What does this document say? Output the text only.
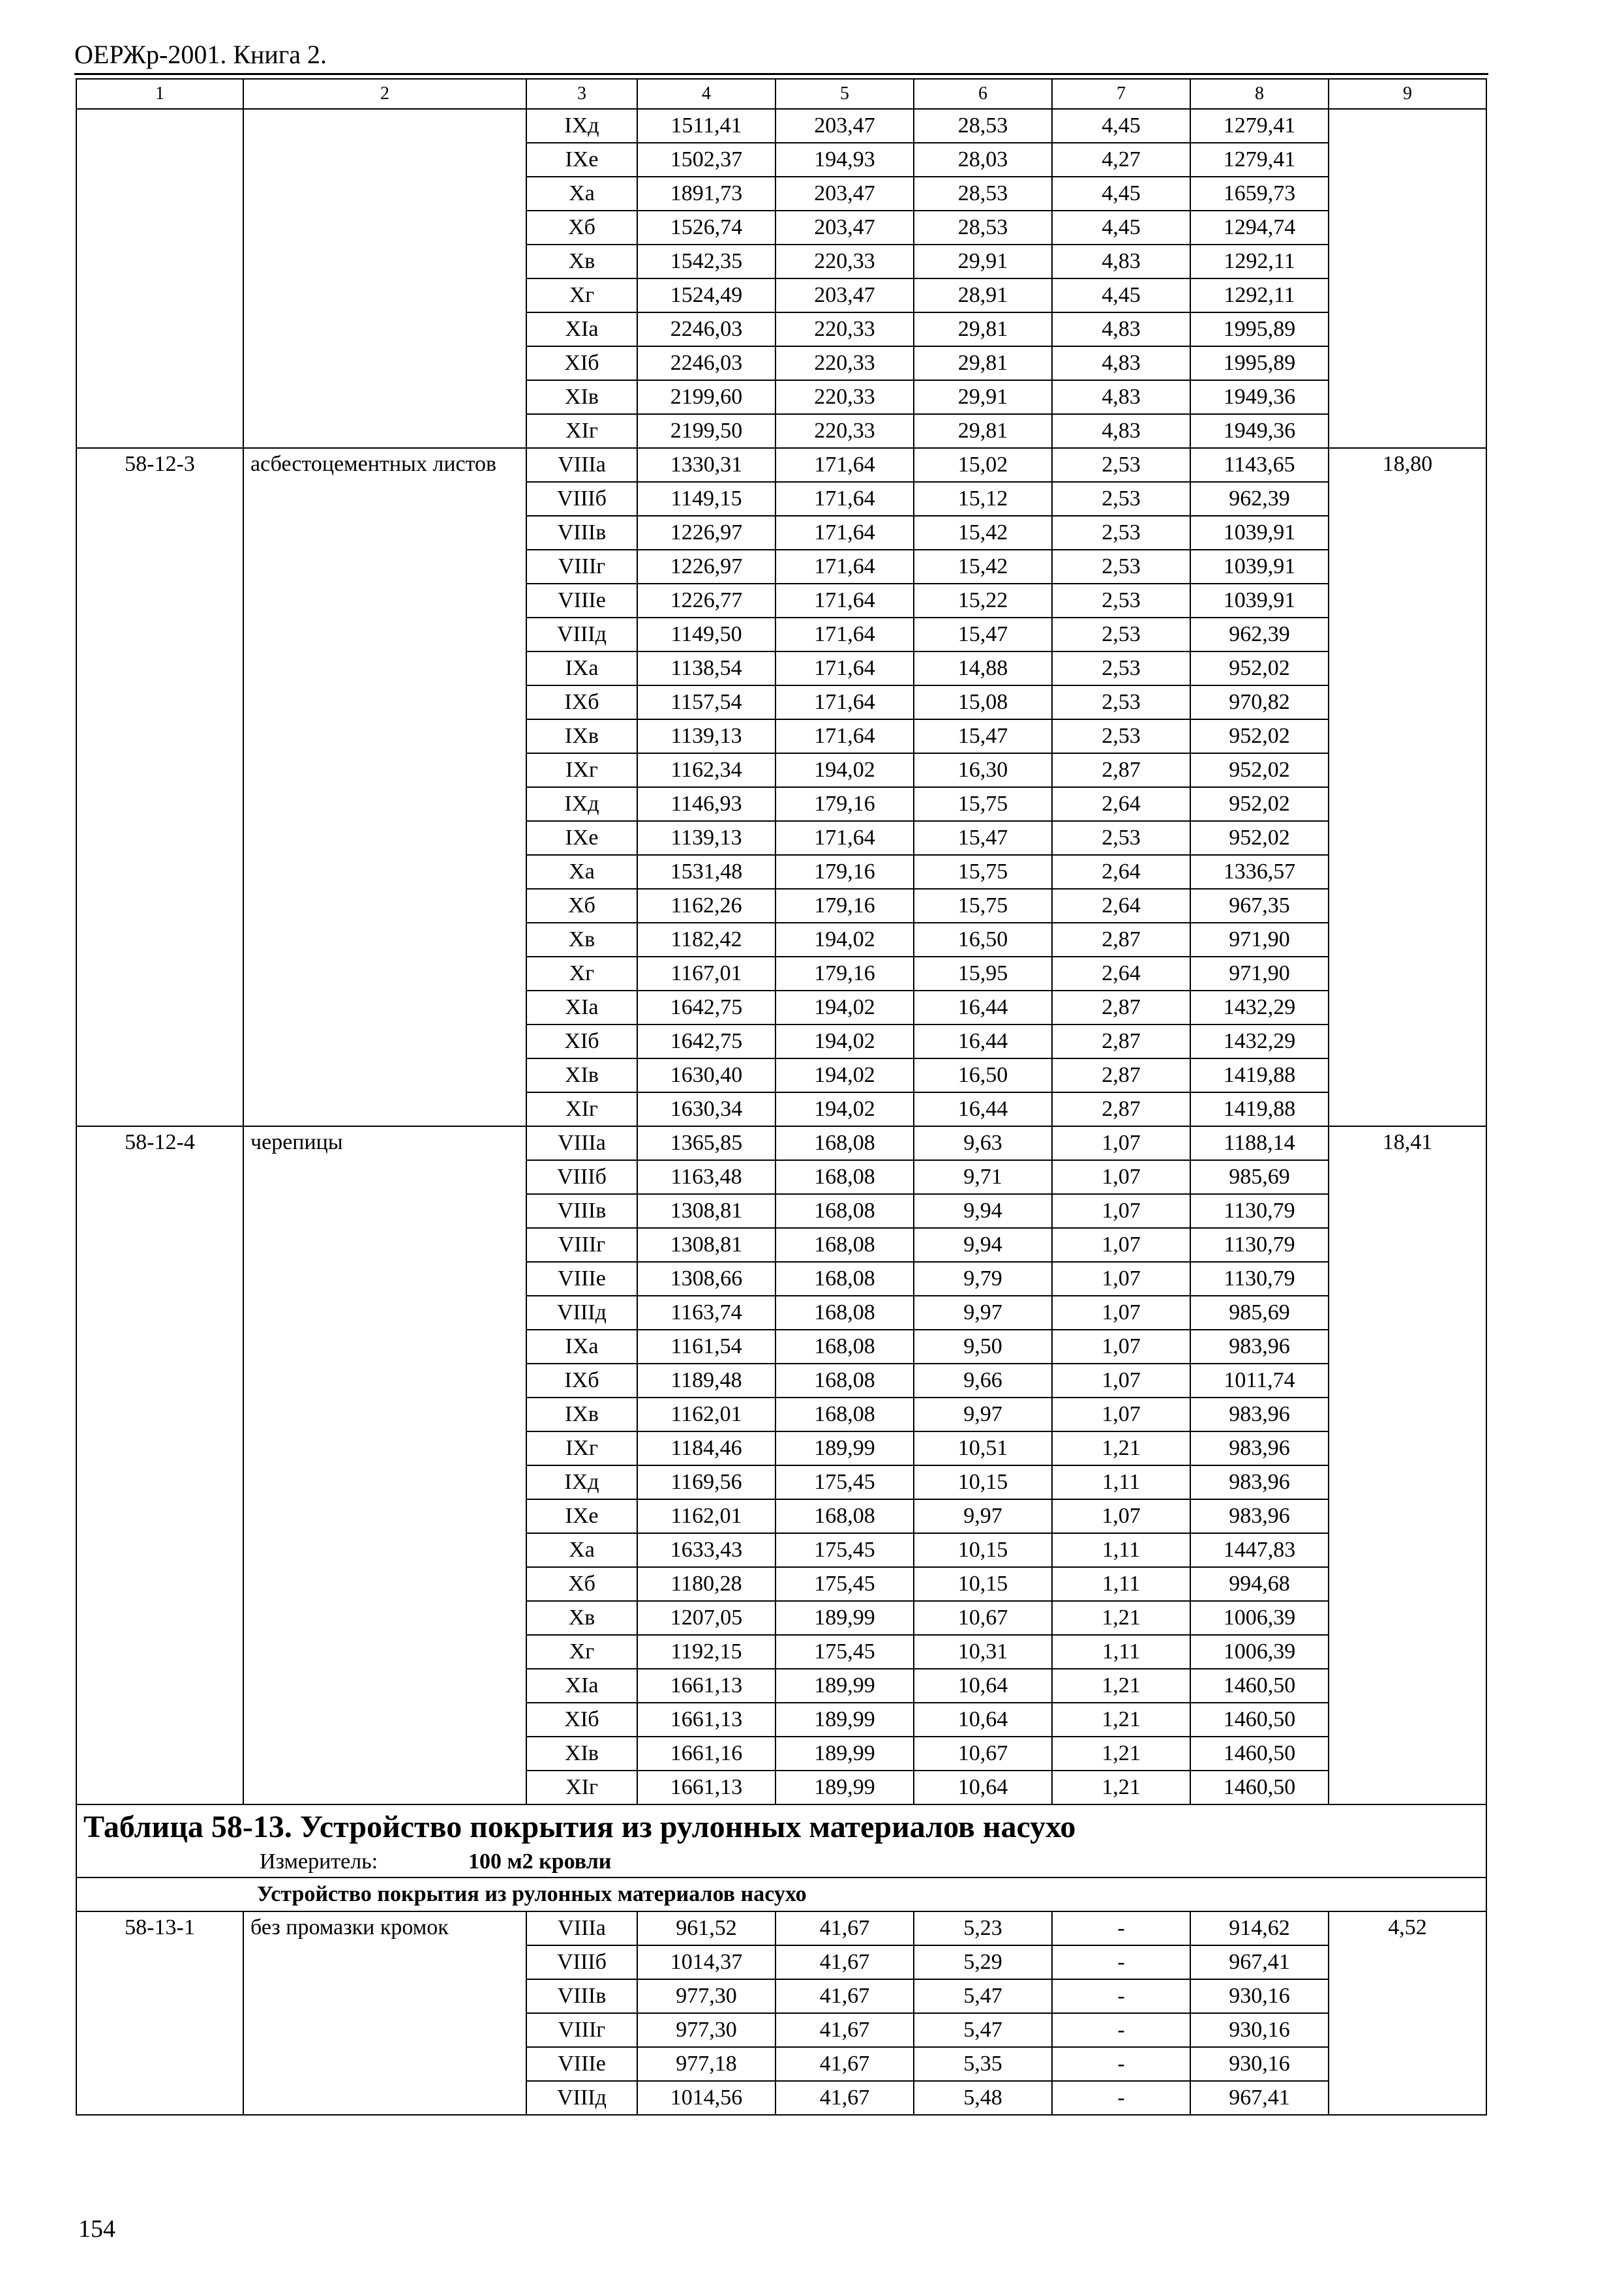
ОЕРЖр-2001. Книга 2.
1	2	3	4	5	6	7	8	9
		IXд	1511,41	203,47	28,53	4,45	1279,41	
		IXe	1502,37	194,93	28,03	4,27	1279,41	
		Xa	1891,73	203,47	28,53	4,45	1659,73	
		Xб	1526,74	203,47	28,53	4,45	1294,74	
		Xв	1542,35	220,33	29,91	4,83	1292,11	
		Xг	1524,49	203,47	28,91	4,45	1292,11	
		XIa	2246,03	220,33	29,81	4,83	1995,89	
		XIб	2246,03	220,33	29,81	4,83	1995,89	
		XIв	2199,60	220,33	29,91	4,83	1949,36	
		XIг	2199,50	220,33	29,81	4,83	1949,36	
58-12-3	асбестоцементных листов	VIIIa	1330,31	171,64	15,02	2,53	1143,65	18,80
		VIIIб	1149,15	171,64	15,12	2,53	962,39	
		VIIIв	1226,97	171,64	15,42	2,53	1039,91	
		VIIIг	1226,97	171,64	15,42	2,53	1039,91	
		VIIIe	1226,77	171,64	15,22	2,53	1039,91	
		VIIIд	1149,50	171,64	15,47	2,53	962,39	
		IXa	1138,54	171,64	14,88	2,53	952,02	
		IXб	1157,54	171,64	15,08	2,53	970,82	
		IXв	1139,13	171,64	15,47	2,53	952,02	
		IXг	1162,34	194,02	16,30	2,87	952,02	
		IXд	1146,93	179,16	15,75	2,64	952,02	
		IXe	1139,13	171,64	15,47	2,53	952,02	
		Xa	1531,48	179,16	15,75	2,64	1336,57	
		Xб	1162,26	179,16	15,75	2,64	967,35	
		Xв	1182,42	194,02	16,50	2,87	971,90	
		Xг	1167,01	179,16	15,95	2,64	971,90	
		XIa	1642,75	194,02	16,44	2,87	1432,29	
		XIб	1642,75	194,02	16,44	2,87	1432,29	
		XIв	1630,40	194,02	16,50	2,87	1419,88	
		XIг	1630,34	194,02	16,44	2,87	1419,88	
58-12-4	черепицы	VIIIa	1365,85	168,08	9,63	1,07	1188,14	18,41
		VIIIб	1163,48	168,08	9,71	1,07	985,69	
		VIIIв	1308,81	168,08	9,94	1,07	1130,79	
		VIIIг	1308,81	168,08	9,94	1,07	1130,79	
		VIIIe	1308,66	168,08	9,79	1,07	1130,79	
		VIIIд	1163,74	168,08	9,97	1,07	985,69	
		IXa	1161,54	168,08	9,50	1,07	983,96	
		IXб	1189,48	168,08	9,66	1,07	1011,74	
		IXв	1162,01	168,08	9,97	1,07	983,96	
		IXг	1184,46	189,99	10,51	1,21	983,96	
		IXд	1169,56	175,45	10,15	1,11	983,96	
		IXe	1162,01	168,08	9,97	1,07	983,96	
		Xa	1633,43	175,45	10,15	1,11	1447,83	
		Xб	1180,28	175,45	10,15	1,11	994,68	
		Xв	1207,05	189,99	10,67	1,21	1006,39	
		Xг	1192,15	175,45	10,31	1,11	1006,39	
		XIa	1661,13	189,99	10,64	1,21	1460,50	
		XIб	1661,13	189,99	10,64	1,21	1460,50	
		XIв	1661,16	189,99	10,67	1,21	1460,50	
		XIг	1661,13	189,99	10,64	1,21	1460,50	

Таблица 58-13. Устройство покрытия из рулонных материалов насухо
Измеритель: 100 м2 кровли								

Устройство покрытия из рулонных материалов насухо								
58-13-1	без промазки кромок	VIIIa	961,52	41,67	5,23	-	914,62	4,52
		VIIIб	1014,37	41,67	5,29	-	967,41	
		VIIIв	977,30	41,67	5,47	-	930,16	
		VIIIг	977,30	41,67	5,47	-	930,16	
		VIIIe	977,18	41,67	5,35	-	930,16	
		VIIIд	1014,56	41,67	5,48	-	967,41	
154
